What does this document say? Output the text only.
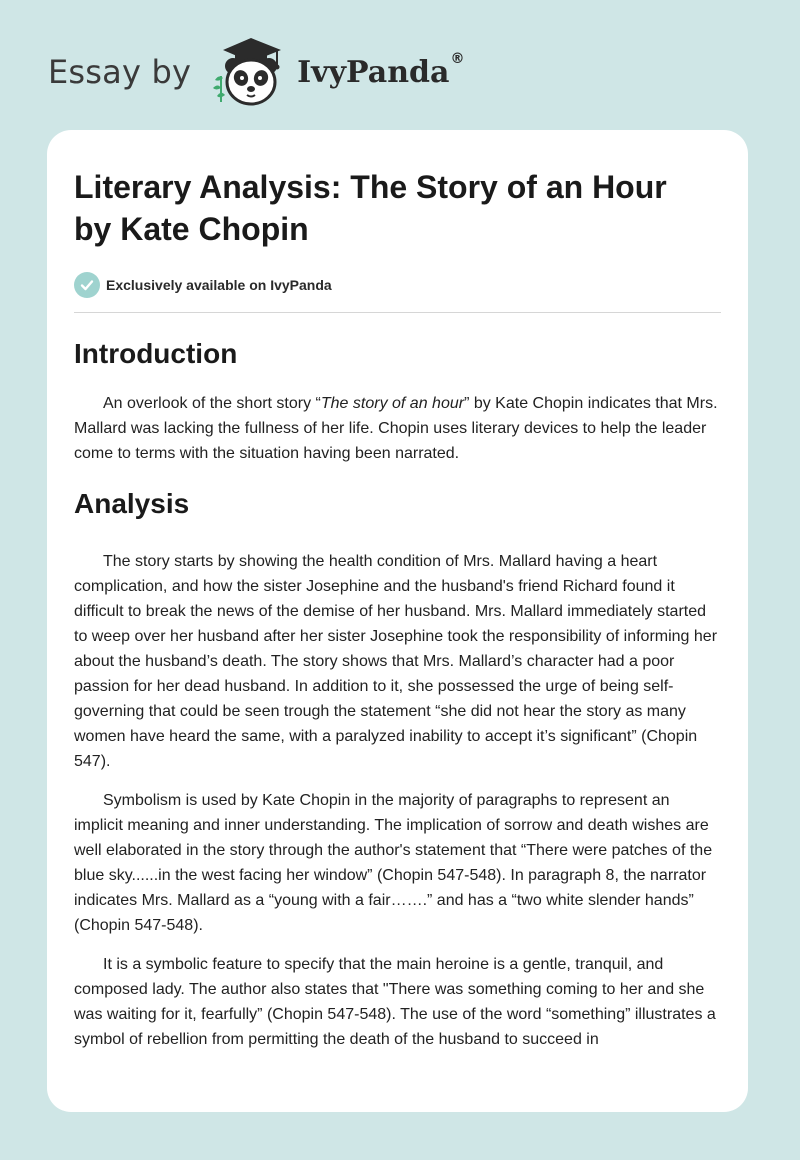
Essay by	IvyPanda®
Literary Analysis: The Story of an Hour
by Kate Chopin
Exclusively available on IvyPanda
Introduction

An overlook of the short story “The story of an hour” by Kate Chopin indicates that Mrs. Mallard was lacking the fullness of her life. Chopin uses literary devices to help the leader come to terms with the situation having been narrated.

Analysis

The story starts by showing the health condition of Mrs. Mallard having a heart complication, and how the sister Josephine and the husband's friend Richard found it difficult to break the news of the demise of her husband. Mrs. Mallard immediately started to weep over her husband after her sister Josephine took the responsibility of informing her about the husband’s death. The story shows that Mrs. Mallard’s character had a poor passion for her dead husband. In addition to it, she possessed the urge of being self-governing that could be seen trough the statement “she did not hear the story as many women have heard the same, with a paralyzed inability to accept it’s significant” (Chopin 547).

Symbolism is used by Kate Chopin in the majority of paragraphs to represent an implicit meaning and inner understanding. The implication of sorrow and death wishes are well elaborated in the story through the author's statement that “There were patches of the blue sky......in the west facing her window” (Chopin 547-548). In paragraph 8, the narrator indicates Mrs. Mallard as a “young with a fair…….” and has a “two white slender hands” (Chopin 547-548).

It is a symbolic feature to specify that the main heroine is a gentle, tranquil, and composed lady. The author also states that "There was something coming to her and she was waiting for it, fearfully” (Chopin 547-548). The use of the word “something” illustrates a symbol of rebellion from permitting the death of the husband to succeed in
